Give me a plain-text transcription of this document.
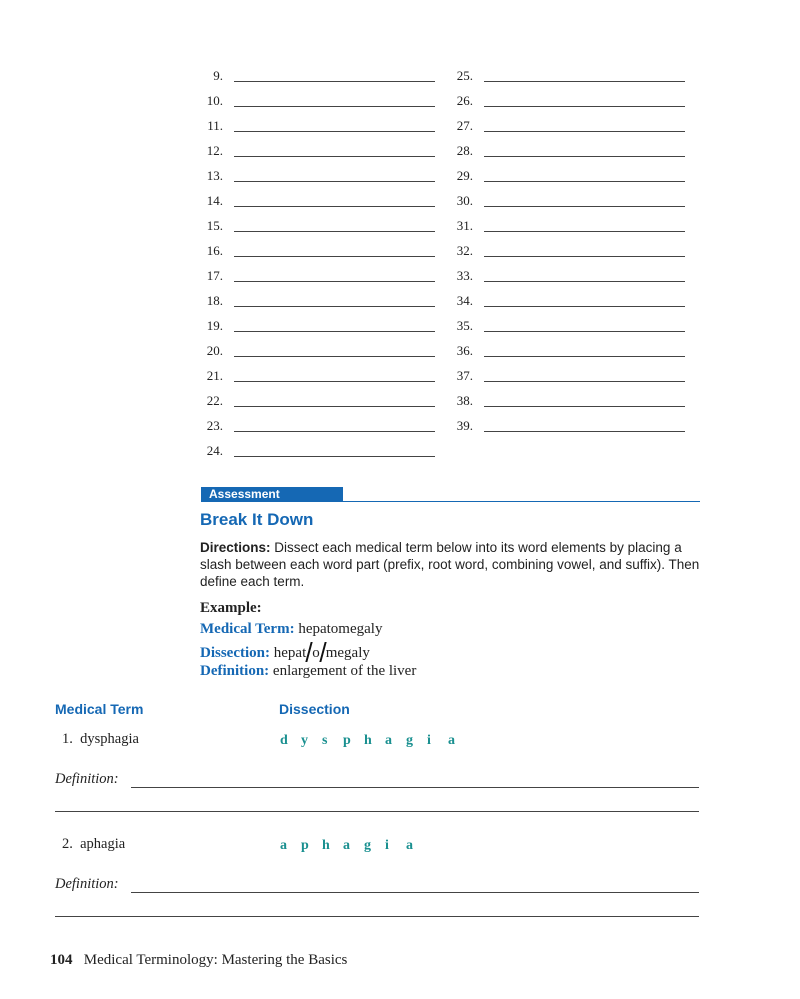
9.
10.
11.
12.
13.
14.
15.
16.
17.
18.
19.
20.
21.
22.
23.
24.
25.
26.
27.
28.
29.
30.
31.
32.
33.
34.
35.
36.
37.
38.
39.
Assessment
Break It Down
Directions: Dissect each medical term below into its word elements by placing a slash between each word part (prefix, root word, combining vowel, and suffix). Then define each term.
Example:
Medical Term: hepatomegaly
Dissection: hepat o megaly
Definition: enlargement of the liver
Medical Term	Dissection
1. dysphagia	d y s p h a g i a
Definition:
2. aphagia	a p h a g i a
Definition:
104 Medical Terminology: Mastering the Basics
